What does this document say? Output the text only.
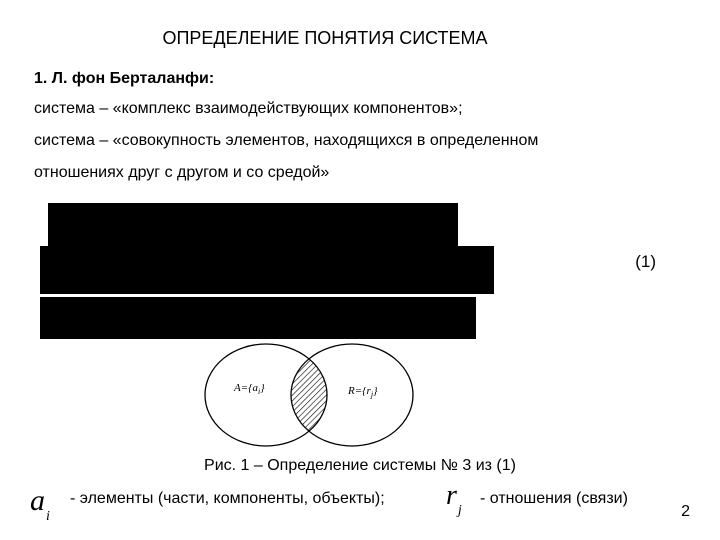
ОПРЕДЕЛЕНИЕ ПОНЯТИЯ СИСТЕМА
1. Л. фон Берталанфи:
система – «комплекс взаимодействующих компонентов»;
система – «совокупность элементов, находящихся в определенном
отношениях друг с другом и со средой»
(1)
$A=\{a_i\}$	$R=\{r_j\}$
Рис. 1 – Определение системы № 3 из (1)
$a_i$
- элементы (части, компоненты, объекты); $r_j$
- отношения (связи)
2
